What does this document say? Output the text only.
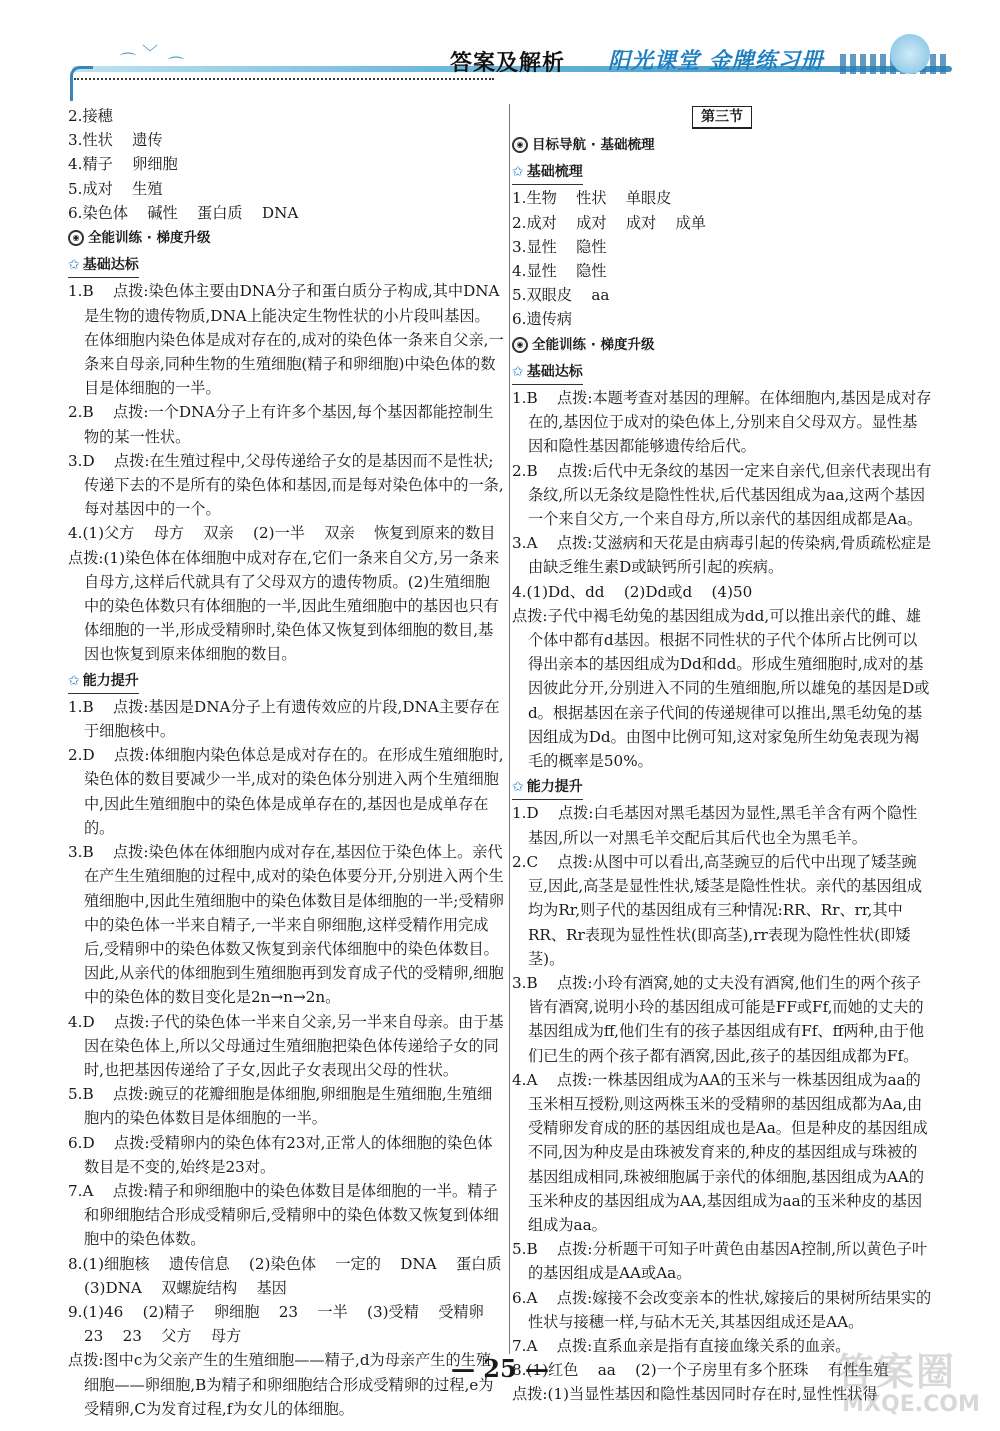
⌒ ﹀
⌒	答案及解析 阳光课堂 金牌练习册
2.接穗
3.性状    遗传
4.精子    卵细胞
5.成对    生殖
6.染色体    碱性    蛋白质    DNA
◉ 全能训练 · 梯度升级
✩ 基础达标
1.B    点拨:染色体主要由DNA分子和蛋白质分子构成,其中DNA是生物的遗传物质,DNA上能决定生物性状的小片段叫基因。在体细胞内染色体是成对存在的,成对的染色体一条来自父亲,一条来自母亲,同种生物的生殖细胞(精子和卵细胞)中染色体的数目是体细胞的一半。
2.B    点拨:一个DNA分子上有许多个基因,每个基因都能控制生物的某一性状。
3.D    点拨:在生殖过程中,父母传递给子女的是基因而不是性状;传递下去的不是所有的染色体和基因,而是每对染色体中的一条,每对基因中的一个。
4.(1)父方    母方    双亲    (2)一半    双亲    恢复到原来的数目
点拨:(1)染色体在体细胞中成对存在,它们一条来自父方,另一条来自母方,这样后代就具有了父母双方的遗传物质。(2)生殖细胞中的染色体数只有体细胞的一半,因此生殖细胞中的基因也只有体细胞的一半,形成受精卵时,染色体又恢复到体细胞的数目,基因也恢复到原来体细胞的数目。
✩ 能力提升
1.B    点拨:基因是DNA分子上有遗传效应的片段,DNA主要存在于细胞核中。
2.D    点拨:体细胞内染色体总是成对存在的。在形成生殖细胞时,染色体的数目要减少一半,成对的染色体分别进入两个生殖细胞中,因此生殖细胞中的染色体是成单存在的,基因也是成单存在的。
3.B    点拨:染色体在体细胞内成对存在,基因位于染色体上。亲代在产生生殖细胞的过程中,成对的染色体要分开,分别进入两个生殖细胞中,因此生殖细胞中的染色体数目是体细胞的一半;受精卵中的染色体一半来自精子,一半来自卵细胞,这样受精作用完成后,受精卵中的染色体数又恢复到亲代体细胞中的染色体数目。因此,从亲代的体细胞到生殖细胞再到发育成子代的受精卵,细胞中的染色体的数目变化是2n→n→2n。
4.D    点拨:子代的染色体一半来自父亲,另一半来自母亲。由于基因在染色体上,所以父母通过生殖细胞把染色体传递给子女的同时,也把基因传递给了子女,因此子女表现出父母的性状。
5.B    点拨:豌豆的花瓣细胞是体细胞,卵细胞是生殖细胞,生殖细胞内的染色体数目是体细胞的一半。
6.D    点拨:受精卵内的染色体有23对,正常人的体细胞的染色体数目是不变的,始终是23对。
7.A    点拨:精子和卵细胞中的染色体数目是体细胞的一半。精子和卵细胞结合形成受精卵后,受精卵中的染色体数又恢复到体细胞中的染色体数。
8.(1)细胞核    遗传信息    (2)染色体    一定的    DNA    蛋白质    (3)DNA    双螺旋结构    基因
9.(1)46    (2)精子    卵细胞    23    一半    (3)受精    受精卵    23    23    父方    母方
点拨:图中c为父亲产生的生殖细胞——精子,d为母亲产生的生殖细胞——卵细胞,B为精子和卵细胞结合形成受精卵的过程,e为受精卵,C为发育过程,f为女儿的体细胞。
第三节
◉ 目标导航 · 基础梳理
✩ 基础梳理
1.生物    性状    单眼皮
2.成对    成对    成对    成单
3.显性    隐性
4.显性    隐性
5.双眼皮    aa
6.遗传病
◉ 全能训练 · 梯度升级
✩ 基础达标
1.B    点拨:本题考查对基因的理解。在体细胞内,基因是成对存在的,基因位于成对的染色体上,分别来自父母双方。显性基因和隐性基因都能够遗传给后代。
2.B    点拨:后代中无条纹的基因一定来自亲代,但亲代表现出有条纹,所以无条纹是隐性性状,后代基因组成为aa,这两个基因一个来自父方,一个来自母方,所以亲代的基因组成都是Aa。
3.A    点拨:艾滋病和天花是由病毒引起的传染病,骨质疏松症是由缺乏维生素D或缺钙所引起的疾病。
4.(1)Dd、dd    (2)Dd或d    (4)50
点拨:子代中褐毛幼兔的基因组成为dd,可以推出亲代的雌、雄个体中都有d基因。根据不同性状的子代个体所占比例可以得出亲本的基因组成为Dd和dd。形成生殖细胞时,成对的基因彼此分开,分别进入不同的生殖细胞,所以雄兔的基因是D或d。根据基因在亲子代间的传递规律可以推出,黑毛幼兔的基因组成为Dd。由图中比例可知,这对家兔所生幼兔表现为褐毛的概率是50%。
✩ 能力提升
1.D    点拨:白毛基因对黑毛基因为显性,黑毛羊含有两个隐性基因,所以一对黑毛羊交配后其后代也全为黑毛羊。
2.C    点拨:从图中可以看出,高茎豌豆的后代中出现了矮茎豌豆,因此,高茎是显性性状,矮茎是隐性性状。亲代的基因组成均为Rr,则子代的基因组成有三种情况:RR、Rr、rr,其中RR、Rr表现为显性性状(即高茎),rr表现为隐性性状(即矮茎)。
3.B    点拨:小玲有酒窝,她的丈夫没有酒窝,他们生的两个孩子皆有酒窝,说明小玲的基因组成可能是FF或Ff,而她的丈夫的基因组成为ff,他们生有的孩子基因组成有Ff、ff两种,由于他们已生的两个孩子都有酒窝,因此,孩子的基因组成都为Ff。
4.A    点拨:一株基因组成为AA的玉米与一株基因组成为aa的玉米相互授粉,则这两株玉米的受精卵的基因组成都为Aa,由受精卵发育成的胚的基因组成也是Aa。但是种皮的基因组成不同,因为种皮是由珠被发育来的,种皮的基因组成与珠被的基因组成相同,珠被细胞属于亲代的体细胞,基因组成为AA的玉米种皮的基因组成为AA,基因组成为aa的玉米种皮的基因组成为aa。
5.B    点拨:分析题干可知子叶黄色由基因A控制,所以黄色子叶的基因组成是AA或Aa。
6.A    点拨:嫁接不会改变亲本的性状,嫁接后的果树所结果实的性状与接穗一样,与砧木无关,其基因组成还是AA。
7.A    点拨:直系血亲是指有直接血缘关系的血亲。
8.(1)红色    aa    (2)一个子房里有多个胚珠    有性生殖
点拨:(1)当显性基因和隐性基因同时存在时,显性性状得
— 25 —	答案圈
MXQE.COM
